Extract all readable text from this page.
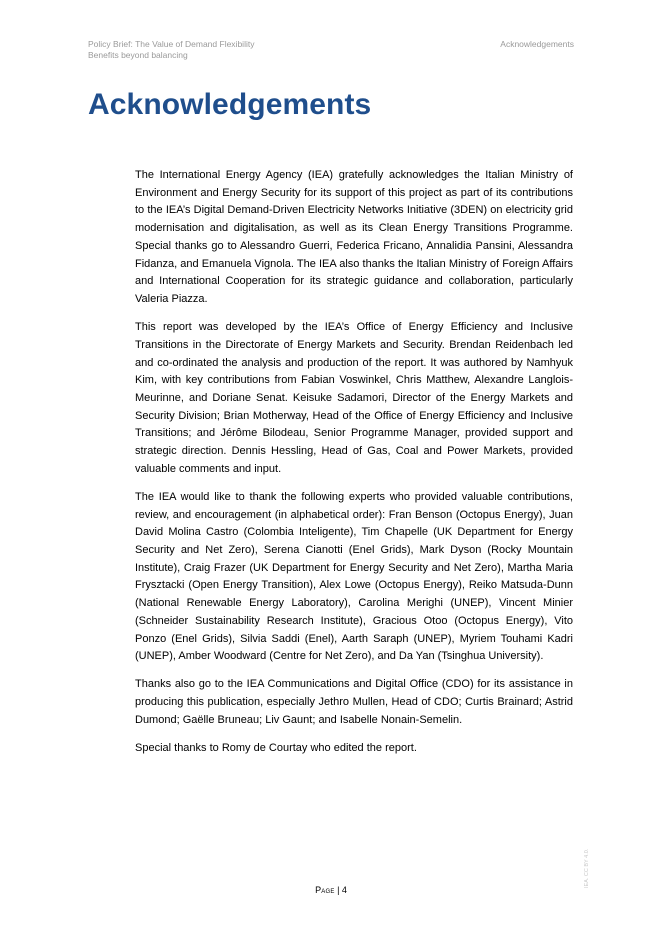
Policy Brief: The Value of Demand Flexibility
Benefits beyond balancing
Acknowledgements
Acknowledgements

The International Energy Agency (IEA) gratefully acknowledges the Italian Ministry of Environment and Energy Security for its support of this project as part of its contributions to the IEA’s Digital Demand-Driven Electricity Networks Initiative (3DEN) on electricity grid modernisation and digitalisation, as well as its Clean Energy Transitions Programme. Special thanks go to Alessandro Guerri, Federica Fricano, Annalidia Pansini, Alessandra Fidanza, and Emanuela Vignola. The IEA also thanks the Italian Ministry of Foreign Affairs and International Cooperation for its strategic guidance and collaboration, particularly Valeria Piazza.

This report was developed by the IEA’s Office of Energy Efficiency and Inclusive Transitions in the Directorate of Energy Markets and Security. Brendan Reidenbach led and co-ordinated the analysis and production of the report. It was authored by Namhyuk Kim, with key contributions from Fabian Voswinkel, Chris Matthew, Alexandre Langlois-Meurinne, and Doriane Senat. Keisuke Sadamori, Director of the Energy Markets and Security Division; Brian Motherway, Head of the Office of Energy Efficiency and Inclusive Transitions; and Jérôme Bilodeau, Senior Programme Manager, provided support and strategic direction. Dennis Hessling, Head of Gas, Coal and Power Markets, provided valuable comments and input.

The IEA would like to thank the following experts who provided valuable contributions, review, and encouragement (in alphabetical order): Fran Benson (Octopus Energy), Juan David Molina Castro (Colombia Inteligente), Tim Chapelle (UK Department for Energy Security and Net Zero), Serena Cianotti (Enel Grids), Mark Dyson (Rocky Mountain Institute), Craig Frazer (UK Department for Energy Security and Net Zero), Martha Maria Frysztacki (Open Energy Transition), Alex Lowe (Octopus Energy), Reiko Matsuda-Dunn (National Renewable Energy Laboratory), Carolina Merighi (UNEP), Vincent Minier (Schneider Sustainability Research Institute), Gracious Otoo (Octopus Energy), Vito Ponzo (Enel Grids), Silvia Saddi (Enel), Aarth Saraph (UNEP), Myriem Touhami Kadri (UNEP), Amber Woodward (Centre for Net Zero), and Da Yan (Tsinghua University).

Thanks also go to the IEA Communications and Digital Office (CDO) for its assistance in producing this publication, especially Jethro Mullen, Head of CDO; Curtis Brainard; Astrid Dumond; Gaëlle Bruneau; Liv Gaunt; and Isabelle Nonain-Semelin.

Special thanks to Romy de Courtay who edited the report.

Page | 4
IEA. CC BY 4.0.
